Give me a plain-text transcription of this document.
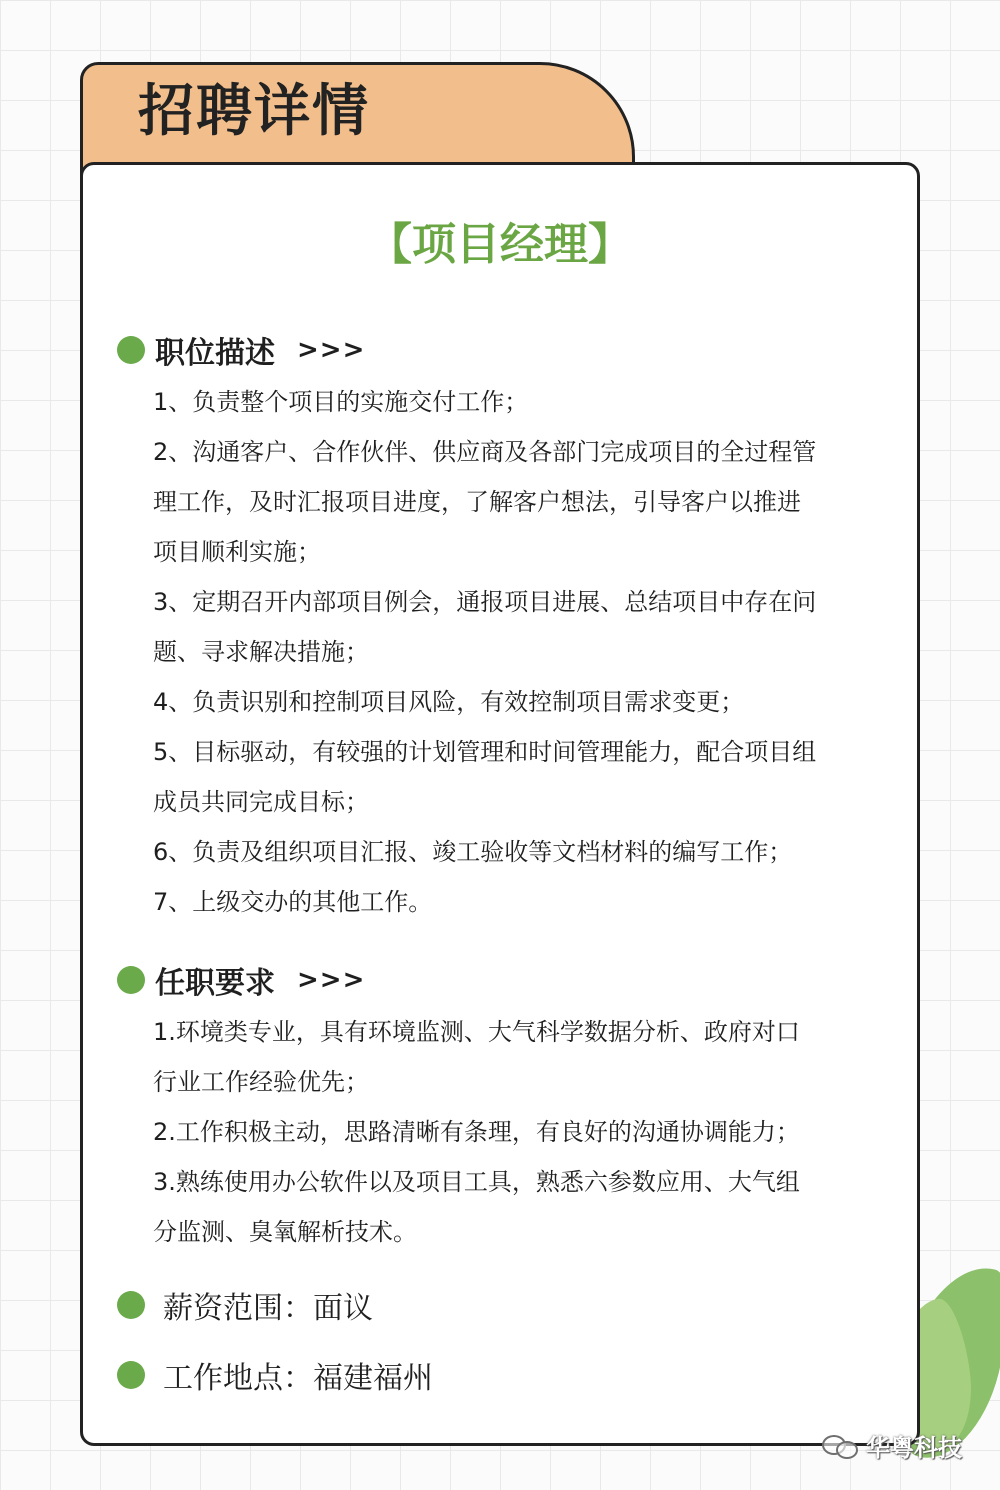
招聘详情
【项目经理】
职位描述 >>>
1、负责整个项目的实施交付工作；
2、沟通客户、合作伙伴、供应商及各部门完成项目的全过程管
理工作，及时汇报项目进度，了解客户想法，引导客户以推进
项目顺利实施；
3、定期召开内部项目例会，通报项目进展、总结项目中存在问
题、寻求解决措施；
4、负责识别和控制项目风险，有效控制项目需求变更；
5、目标驱动，有较强的计划管理和时间管理能力，配合项目组
成员共同完成目标；
6、负责及组织项目汇报、竣工验收等文档材料的编写工作；
7、上级交办的其他工作。
任职要求 >>>
1.环境类专业，具有环境监测、大气科学数据分析、政府对口
行业工作经验优先；
2.工作积极主动，思路清晰有条理，有良好的沟通协调能力；
3.熟练使用办公软件以及项目工具，熟悉六参数应用、大气组
分监测、臭氧解析技术。
薪资范围：面议
工作地点：福建福州
华粤科技
